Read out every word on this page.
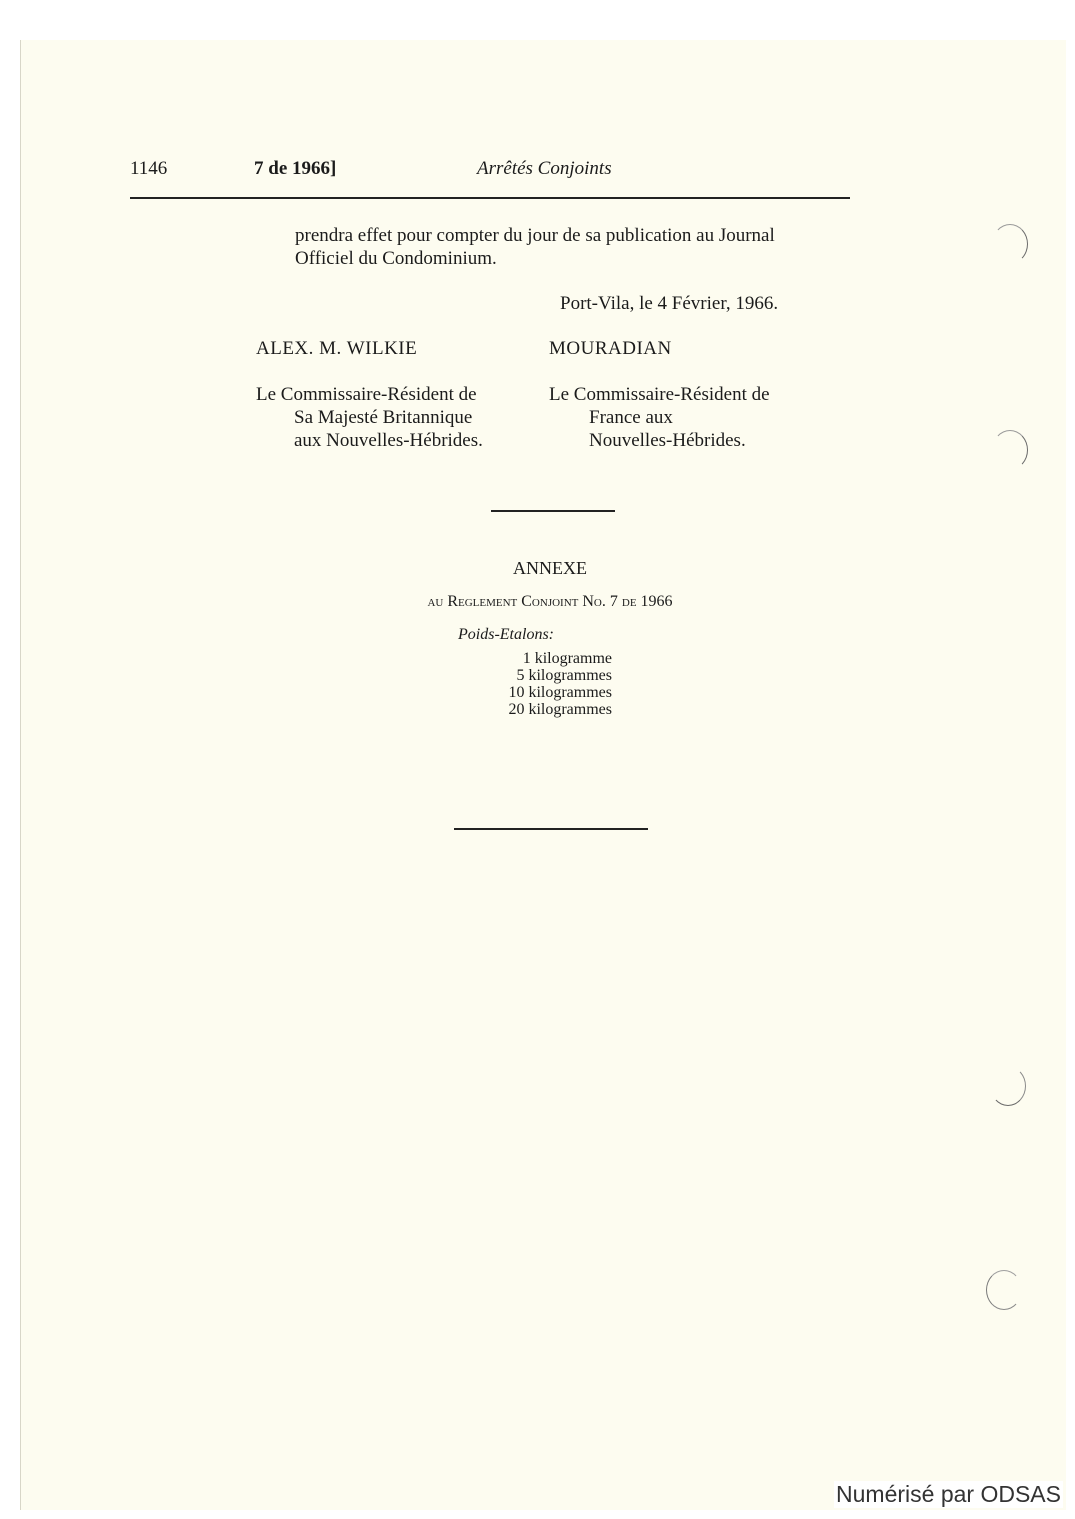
1146	7 de 1966]	Arrêtés Conjoints
prendra effet pour compter du jour de sa publication au Journal
Officiel du Condominium.
Port-Vila, le 4 Février, 1966.
ALEX. M. WILKIE	MOURADIAN
Le Commissaire-Résident de
Sa Majesté Britannique
aux Nouvelles-Hébrides.
Le Commissaire-Résident de
France aux
Nouvelles-Hébrides.
ANNEXE
au Reglement Conjoint No. 7 de 1966
Poids-Etalons:
1 kilogramme
5 kilogrammes
10 kilogrammes
20 kilogrammes
Numérisé par ODSAS
